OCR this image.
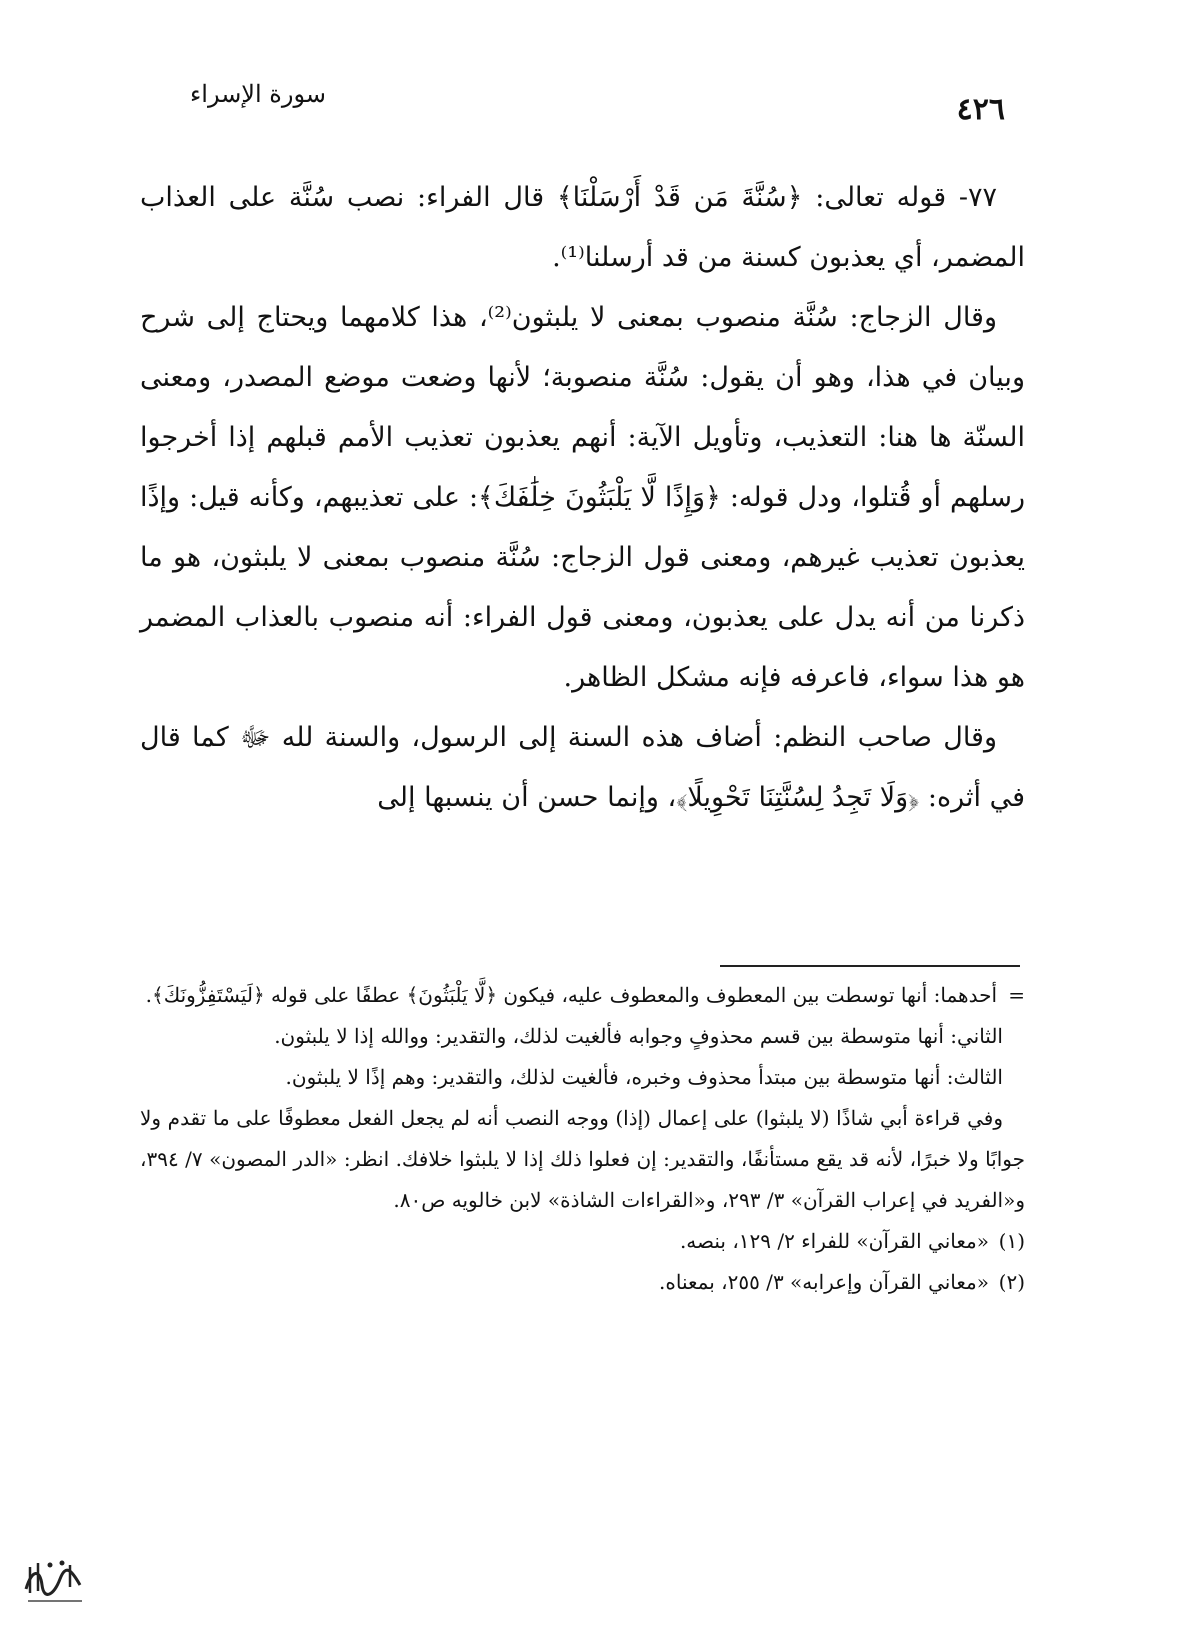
٤٢٦
سورة الإسراء

٧٧- قوله تعالى: ﴿سُنَّةَ مَن قَدْ أَرْسَلْنَا﴾ قال الفراء: نصب سُنَّة على العذاب المضمر، أي يعذبون كسنة من قد أرسلنا⁽¹⁾.

وقال الزجاج: سُنَّة منصوب بمعنى لا يلبثون⁽²⁾، هذا كلامهما ويحتاج إلى شرح وبيان في هذا، وهو أن يقول: سُنَّة منصوبة؛ لأنها وضعت موضع المصدر، ومعنى السنّة ها هنا: التعذيب، وتأويل الآية: أنهم يعذبون تعذيب الأمم قبلهم إذا أخرجوا رسلهم أو قُتلوا، ودل قوله: ﴿وَإِذًا لَّا يَلْبَثُونَ خِلَٰفَكَ﴾: على تعذيبهم، وكأنه قيل: وإذًا يعذبون تعذيب غيرهم، ومعنى قول الزجاج: سُنَّة منصوب بمعنى لا يلبثون، هو ما ذكرنا من أنه يدل على يعذبون، ومعنى قول الفراء: أنه منصوب بالعذاب المضمر هو هذا سواء، فاعرفه فإنه مشكل الظاهر.

وقال صاحب النظم: أضاف هذه السنة إلى الرسول، والسنة لله ﷻ كما قال في أثره: ﴿وَلَا تَجِدُ لِسُنَّتِنَا تَحْوِيلًا﴾، وإنما حسن أن ينسبها إلى

=
أحدهما: أنها توسطت بين المعطوف والمعطوف عليه، فيكون ﴿لَّا يَلْبَثُونَ﴾ عطفًا على قوله ﴿لَيَسْتَفِزُّونَكَ﴾.

الثاني: أنها متوسطة بين قسم محذوفٍ وجوابه فألغيت لذلك، والتقدير: ووالله إذا لا يلبثون.

الثالث: أنها متوسطة بين مبتدأ محذوف وخبره، فألغيت لذلك، والتقدير: وهم إذًا لا يلبثون.

وفي قراءة أبي شاذًا (لا يلبثوا) على إعمال (إذا) ووجه النصب أنه لم يجعل الفعل معطوفًا على ما تقدم ولا جوابًا ولا خبرًا، لأنه قد يقع مستأنفًا، والتقدير: إن فعلوا ذلك إذا لا يلبثوا خلافك. انظر: «الدر المصون» ٧/ ٣٩٤، و«الفريد في إعراب القرآن» ٣/ ٢٩٣، و«القراءات الشاذة» لابن خالويه ص٨٠.

(١)
«معاني القرآن» للفراء ٢/ ١٢٩، بنصه.

(٢)
«معاني القرآن وإعرابه» ٣/ ٢٥٥، بمعناه.
